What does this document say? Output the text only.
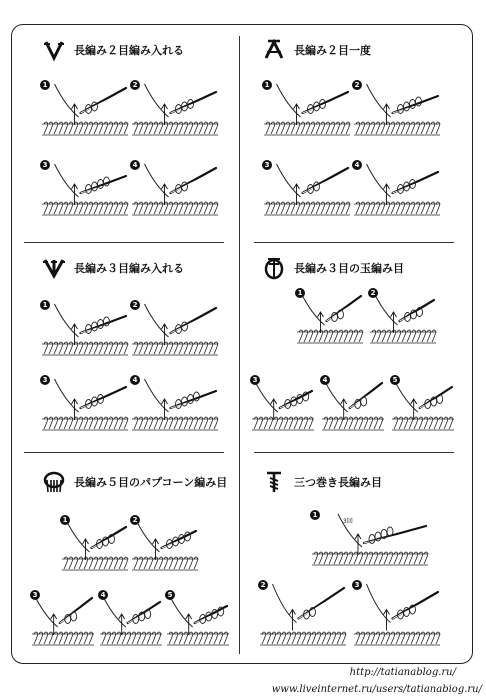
長編み２目編み入れる	長編み２目一度
長編み３目編み入れる	長編み３目の玉編み目
長編み５目のパプコーン編み目	三つ巻き長編み目
1	2
3	4
1	2
3	4
1	2
3	4
1	2
3	4	5
1	2
3	4	5
1
2	3
3回
http://tatianablog.ru/
www.liveinternet.ru/users/tatianabiog.ru/
